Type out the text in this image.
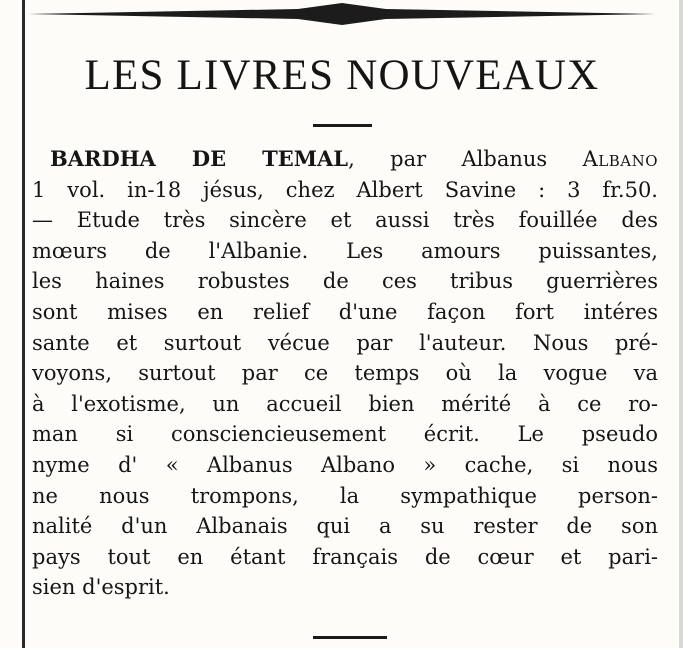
LES LIVRES NOUVEAUX
BARDHA DE TEMAL, par Albanus Albano
1 vol. in-18 jésus, chez Albert Savine : 3 fr.50.
— Etude très sincère et aussi très fouillée des
mœurs de l'Albanie. Les amours puissantes,
les haines robustes de ces tribus guerrières
sont mises en relief d'une façon fort intéres
sante et surtout vécue par l'auteur. Nous pré-
voyons, surtout par ce temps où la vogue va
à l'exotisme, un accueil bien mérité à ce ro-
man si consciencieusement écrit. Le pseudo
nyme d' « Albanus Albano » cache, si nous
ne nous trompons, la sympathique person-
nalité d'un Albanais qui a su rester de son
pays tout en étant français de cœur et pari-
sien d'esprit.
